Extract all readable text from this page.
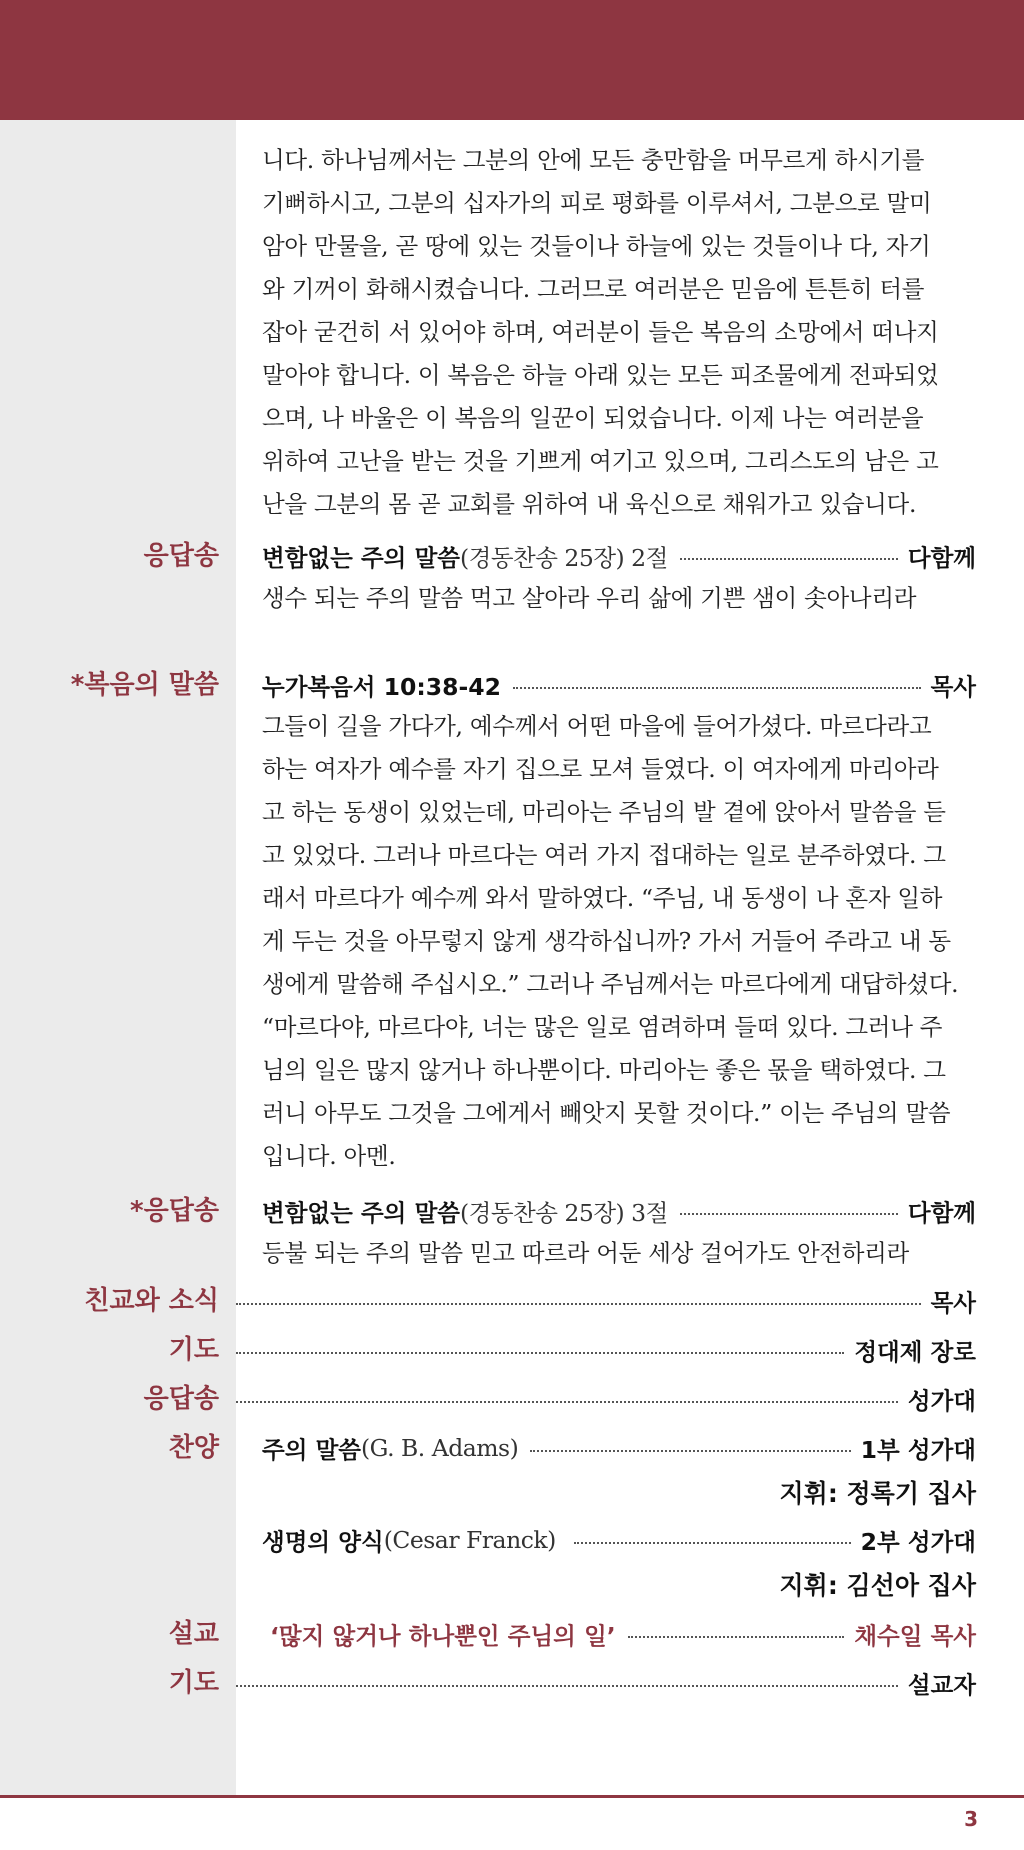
니다. 하나님께서는 그분의 안에 모든 충만함을 머무르게 하시기를
기뻐하시고, 그분의 십자가의 피로 평화를 이루셔서, 그분으로 말미
암아 만물을, 곧 땅에 있는 것들이나 하늘에 있는 것들이나 다, 자기
와 기꺼이 화해시켰습니다. 그러므로 여러분은 믿음에 튼튼히 터를
잡아 굳건히 서 있어야 하며, 여러분이 들은 복음의 소망에서 떠나지
말아야 합니다. 이 복음은 하늘 아래 있는 모든 피조물에게 전파되었
으며, 나 바울은 이 복음의 일꾼이 되었습니다. 이제 나는 여러분을
위하여 고난을 받는 것을 기쁘게 여기고 있으며, 그리스도의 남은 고
난을 그분의 몸 곧 교회를 위하여 내 육신으로 채워가고 있습니다.
응답송 변함없는 주의 말씀 (경동찬송 25장) 2절	다함께
생수 되는 주의 말씀 먹고 살아라 우리 삶에 기쁜 샘이 솟아나리라
*복음의 말씀 누가복음서 10:38-42	목사
그들이 길을 가다가, 예수께서 어떤 마을에 들어가셨다. 마르다라고
하는 여자가 예수를 자기 집으로 모셔 들였다. 이 여자에게 마리아라
고 하는 동생이 있었는데, 마리아는 주님의 발 곁에 앉아서 말씀을 듣
고 있었다. 그러나 마르다는 여러 가지 접대하는 일로 분주하였다. 그
래서 마르다가 예수께 와서 말하였다. “주님, 내 동생이 나 혼자 일하
게 두는 것을 아무렇지 않게 생각하십니까? 가서 거들어 주라고 내 동
생에게 말씀해 주십시오.” 그러나 주님께서는 마르다에게 대답하셨다.
“마르다야, 마르다야, 너는 많은 일로 염려하며 들떠 있다. 그러나 주
님의 일은 많지 않거나 하나뿐이다. 마리아는 좋은 몫을 택하였다. 그
러니 아무도 그것을 그에게서 빼앗지 못할 것이다.” 이는 주님의 말씀
입니다. 아멘.
*응답송 변함없는 주의 말씀 (경동찬송 25장) 3절	다함께
등불 되는 주의 말씀 믿고 따르라 어둔 세상 걸어가도 안전하리라
친교와 소식	목사
기도	정대제 장로
응답송	성가대
찬양 주의 말씀 (G. B. Adams)	1부 성가대
지휘: 정록기 집사
생명의 양식 (Cesar Franck)	2부 성가대
지휘: 김선아 집사
설교 ‘많지 않거나 하나뿐인 주님의 일’	채수일 목사
기도	설교자
3
